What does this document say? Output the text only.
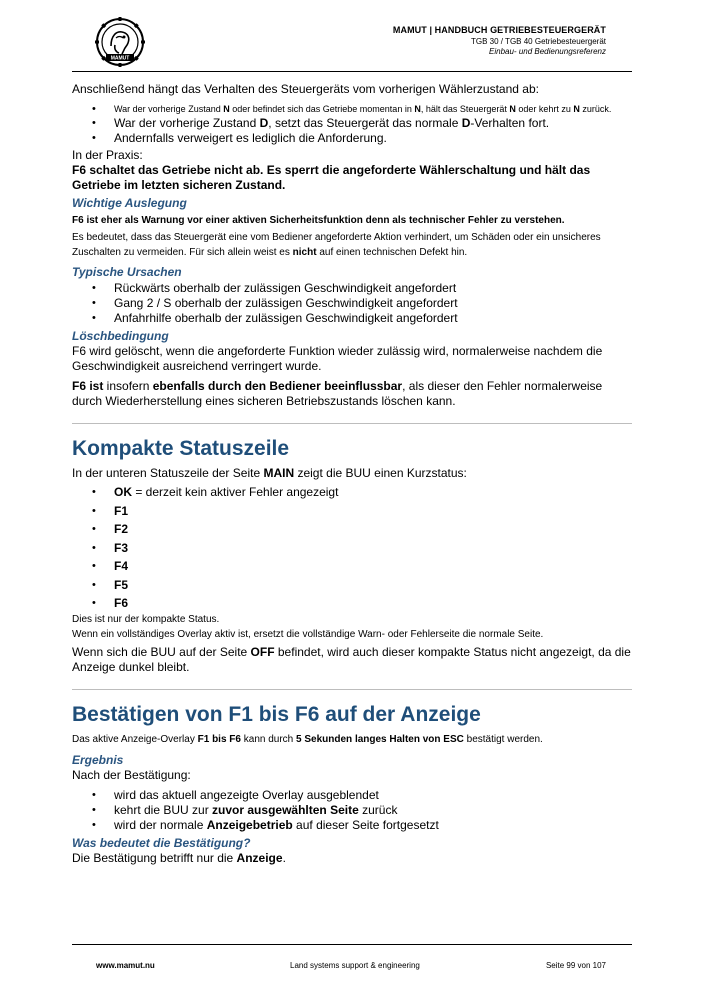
MAMUT
MAMUT | HANDBUCH GETRIEBESTEUERGERÄT
TGB 30 / TGB 40 Getriebesteuergerät
Einbau- und Bedienungsreferenz
Anschließend hängt das Verhalten des Steuergeräts vom vorherigen Wählerzustand ab:
• War der vorherige Zustand N oder befindet sich das Getriebe momentan in N, hält das Steuergerät N oder kehrt zu N zurück.
• War der vorherige Zustand D, setzt das Steuergerät das normale D-Verhalten fort.
• Andernfalls verweigert es lediglich die Anforderung.
In der Praxis:
F6 schaltet das Getriebe nicht ab. Es sperrt die angeforderte Wählerschaltung und hält das Getriebe im letzten sicheren Zustand.
Wichtige Auslegung
F6 ist eher als Warnung vor einer aktiven Sicherheitsfunktion denn als technischer Fehler zu verstehen.
Es bedeutet, dass das Steuergerät eine vom Bediener angeforderte Aktion verhindert, um Schäden oder ein unsicheres Zuschalten zu vermeiden. Für sich allein weist es nicht auf einen technischen Defekt hin.
Typische Ursachen
• Rückwärts oberhalb der zulässigen Geschwindigkeit angefordert
• Gang 2 / S oberhalb der zulässigen Geschwindigkeit angefordert
• Anfahrhilfe oberhalb der zulässigen Geschwindigkeit angefordert
Löschbedingung
F6 wird gelöscht, wenn die angeforderte Funktion wieder zulässig wird, normalerweise nachdem die Geschwindigkeit ausreichend verringert wurde.
F6 ist insofern ebenfalls durch den Bediener beeinflussbar, als dieser den Fehler normalerweise durch Wiederherstellung eines sicheren Betriebszustands löschen kann.
Kompakte Statuszeile
In der unteren Statuszeile der Seite MAIN zeigt die BUU einen Kurzstatus:
• OK = derzeit kein aktiver Fehler angezeigt
• F1
• F2
• F3
• F4
• F5
• F6
Dies ist nur der kompakte Status.
Wenn ein vollständiges Overlay aktiv ist, ersetzt die vollständige Warn- oder Fehlerseite die normale Seite.
Wenn sich die BUU auf der Seite OFF befindet, wird auch dieser kompakte Status nicht angezeigt, da die Anzeige dunkel bleibt.
Bestätigen von F1 bis F6 auf der Anzeige
Das aktive Anzeige-Overlay F1 bis F6 kann durch 5 Sekunden langes Halten von ESC bestätigt werden.
Ergebnis
Nach der Bestätigung:
• wird das aktuell angezeigte Overlay ausgeblendet
• kehrt die BUU zur zuvor ausgewählten Seite zurück
• wird der normale Anzeigebetrieb auf dieser Seite fortgesetzt
Was bedeutet die Bestätigung?
Die Bestätigung betrifft nur die Anzeige.
www.mamut.nu	Land systems support & engineering	Seite 99 von 107
